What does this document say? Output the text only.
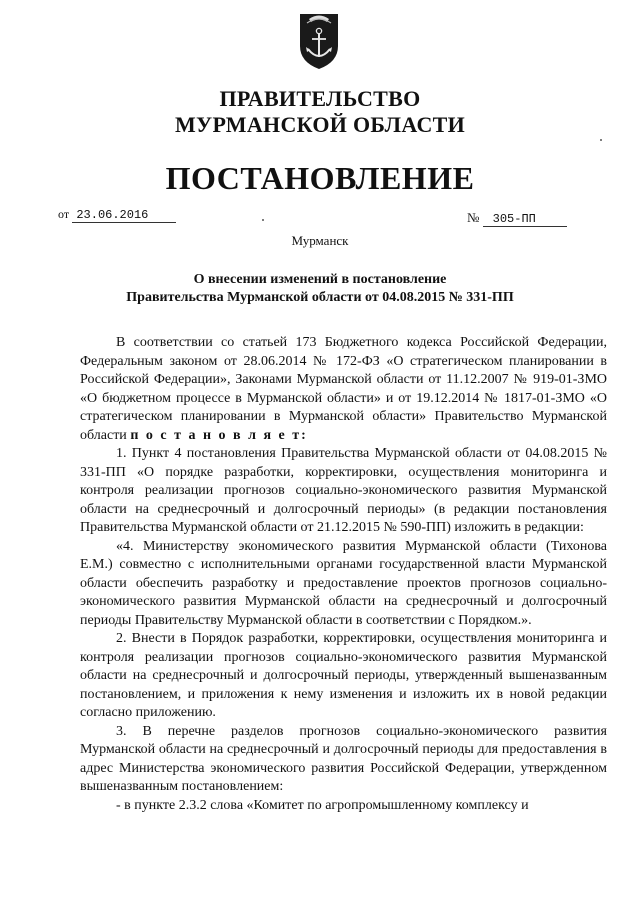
ПРАВИТЕЛЬСТВО
МУРМАНСКОЙ ОБЛАСТИ
ПОСТАНОВЛЕНИЕ
от 23.06.2016	№ 305-ПП
Мурманск
О внесении изменений в постановление
Правительства Мурманской области от 04.08.2015 № 331-ПП

В соответствии со статьей 173 Бюджетного кодекса Российской Федерации, Федеральным законом от 28.06.2014 № 172-ФЗ «О стратегическом планировании в Российской Федерации», Законами Мурманской области от 11.12.2007 № 919-01-ЗМО «О бюджетном процессе в Мурманской области» и от 19.12.2014 № 1817-01-ЗМО «О стратегическом планировании в Мурманской области» Правительство Мурманской области п о с т а н о в л я е т:

1. Пункт 4 постановления Правительства Мурманской области от 04.08.2015 № 331-ПП «О порядке разработки, корректировки, осуществления мониторинга и контроля реализации прогнозов социально-экономического развития Мурманской области на среднесрочный и долгосрочный периоды» (в редакции постановления Правительства Мурманской области от 21.12.2015 № 590-ПП) изложить в редакции:

«4. Министерству экономического развития Мурманской области (Тихонова Е.М.) совместно с исполнительными органами государственной власти Мурманской области обеспечить разработку и предоставление проектов прогнозов социально-экономического развития Мурманской области на среднесрочный и долгосрочный периоды Правительству Мурманской области в соответствии с Порядком.».

2. Внести в Порядок разработки, корректировки, осуществления мониторинга и контроля реализации прогнозов социально-экономического развития Мурманской области на среднесрочный и долгосрочный периоды, утвержденный вышеназванным постановлением, и приложения к нему изменения и изложить их в новой редакции согласно приложению.

3. В перечне разделов прогнозов социально-экономического развития Мурманской области на среднесрочный и долгосрочный периоды для предоставления в адрес Министерства экономического развития Российской Федерации, утвержденном вышеназванным постановлением:

- в пункте 2.3.2 слова «Комитет по агропромышленному комплексу и
